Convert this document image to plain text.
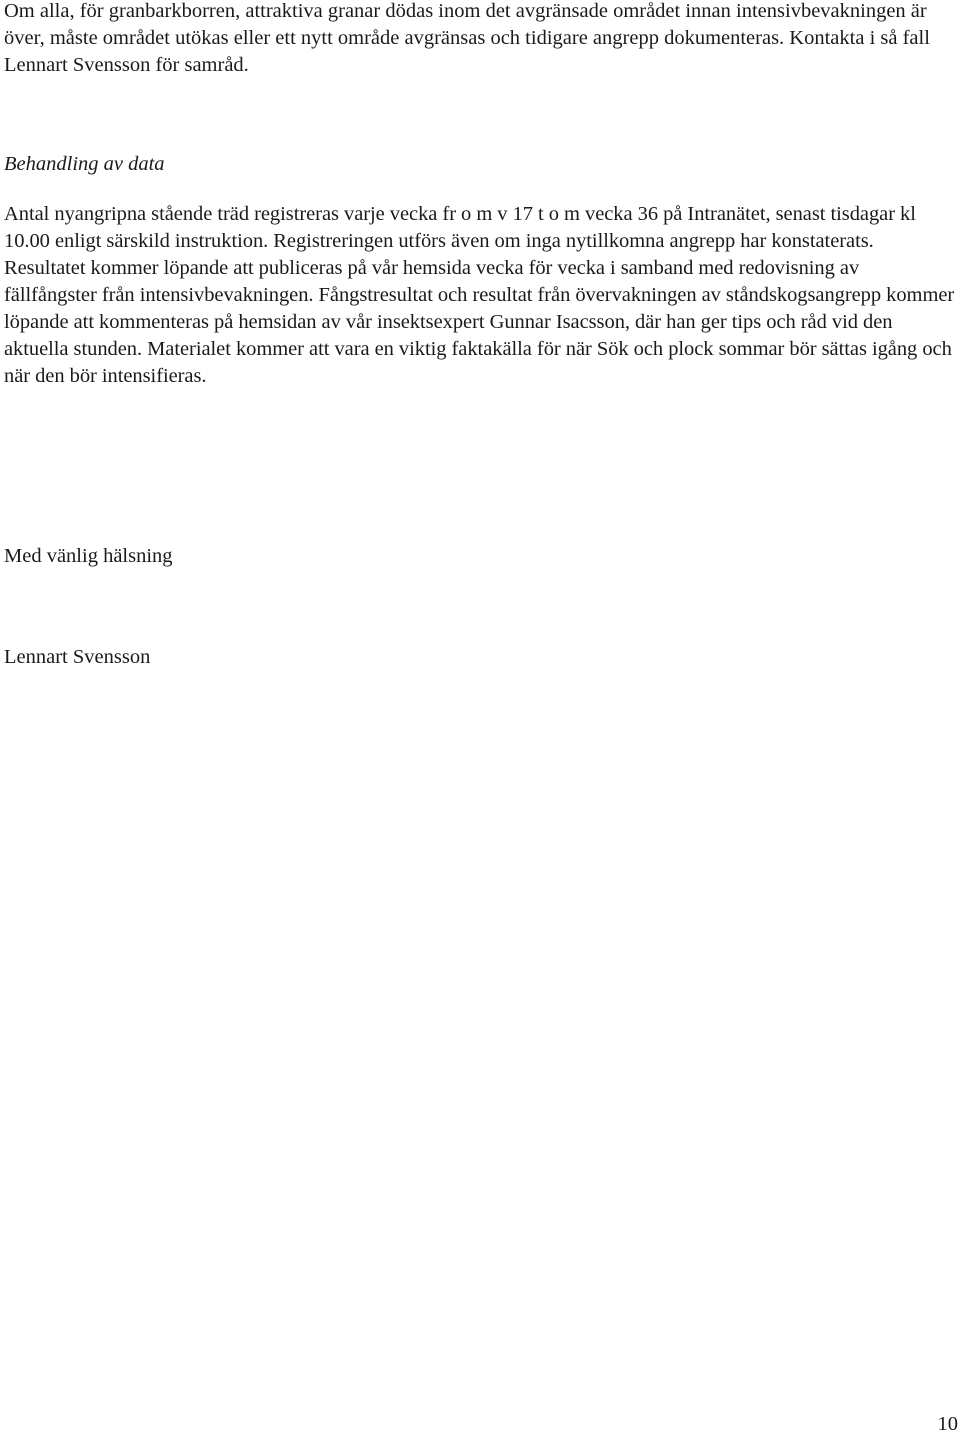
Om alla, för granbarkborren, attraktiva granar dödas inom det avgränsade området innan intensivbevakningen är över, måste området utökas eller ett nytt område avgränsas och tidigare angrepp dokumenteras. Kontakta i så fall Lennart Svensson för samråd.

Behandling av data

Antal nyangripna stående träd registreras varje vecka fr o m v 17 t o m vecka 36 på Intranätet, senast tisdagar kl 10.00 enligt särskild instruktion. Registreringen utförs även om inga nytillkomna angrepp har konstaterats. Resultatet kommer löpande att publiceras på vår hemsida vecka för vecka i samband med redovisning av fällfångster från intensivbevakningen. Fångstresultat och resultat från övervakningen av ståndskogsangrepp kommer löpande att kommenteras på hemsidan av vår insektsexpert Gunnar Isacsson, där han ger tips och råd vid den aktuella stunden. Materialet kommer att vara en viktig faktakälla för när Sök och plock sommar bör sättas igång och när den bör intensifieras.

Med vänlig hälsning

Lennart Svensson

10
